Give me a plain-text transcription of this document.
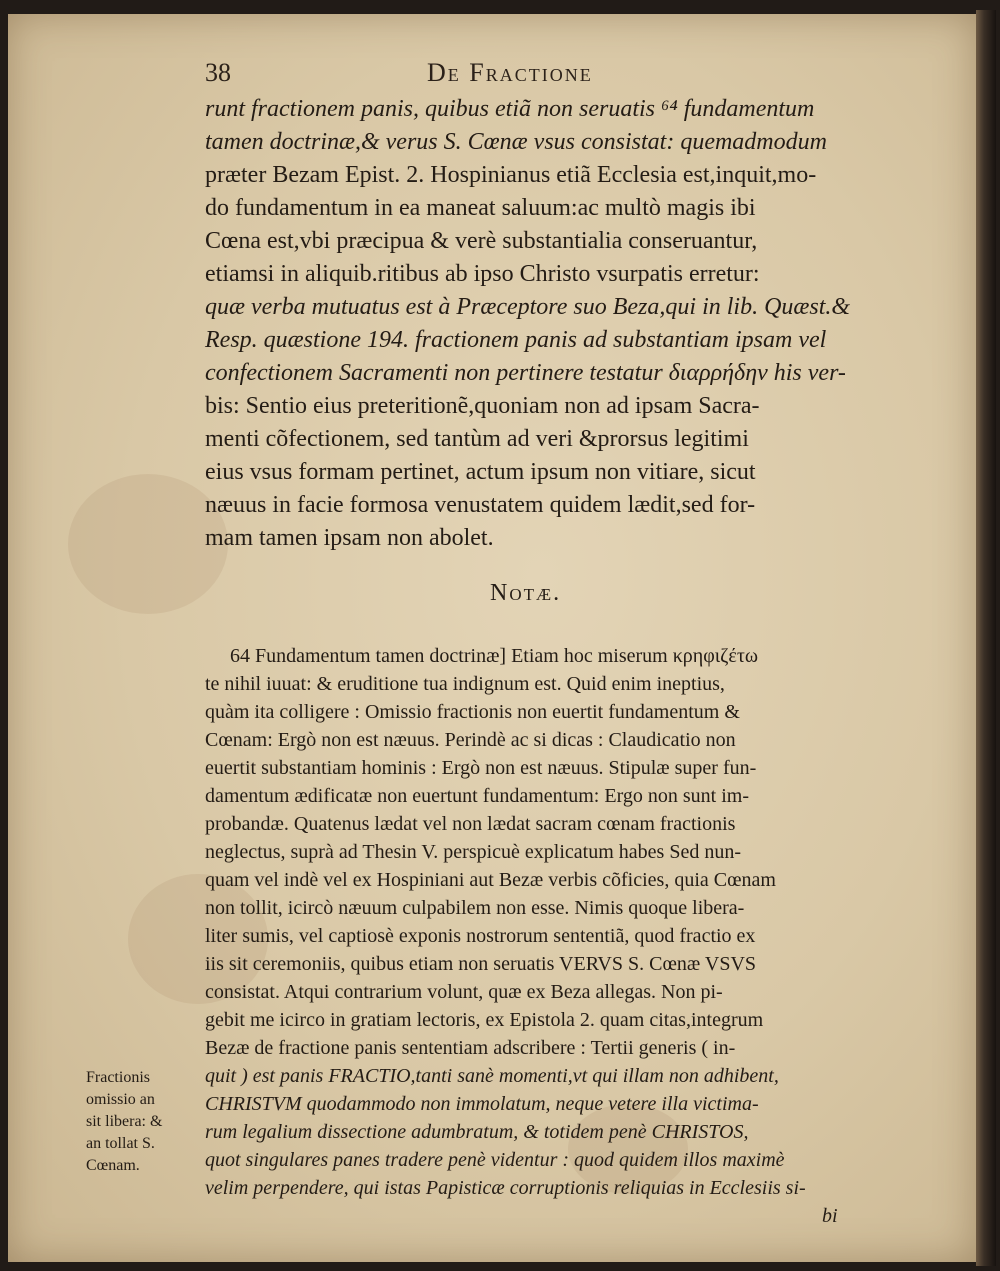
38	De Fractione
runt fractionem panis, quibus etiã non seruatis ⁶⁴ fundamentum
tamen doctrinæ,& verus S. Cœnæ vsus consistat: quemadmodum
præter Bezam Epist. 2. Hospinianus etiã Ecclesia est,inquit,mo-
do fundamentum in ea maneat saluum:ac multò magis ibi
Cœna est,vbi præcipua & verè substantialia conseruantur,
etiamsi in aliquib.ritibus ab ipso Christo vsurpatis erretur:
quæ verba mutuatus est à Præceptore suo Beza,qui in lib. Quæst.&
Resp. quæstione 194. fractionem panis ad substantiam ipsam vel
confectionem Sacramenti non pertinere testatur διαρρήδην his ver-
bis: Sentio eius preteritionẽ,quoniam non ad ipsam Sacra-
menti cõfectionem, sed tantùm ad veri &prorsus legitimi
eius vsus formam pertinet, actum ipsum non vitiare, sicut
næuus in facie formosa venustatem quidem lædit,sed for-
mam tamen ipsam non abolet.
Notæ.
64 Fundamentum tamen doctrinæ] Etiam hoc miserum κρηφιζέτω
te nihil iuuat: & eruditione tua indignum est. Quid enim ineptius,
quàm ita colligere : Omissio fractionis non euertit fundamentum &
Cœnam: Ergò non est næuus. Perindè ac si dicas : Claudicatio non
euertit substantiam hominis : Ergò non est næuus. Stipulæ super fun-
damentum ædificatæ non euertunt fundamentum: Ergo non sunt im-
probandæ. Quatenus lædat vel non lædat sacram cœnam fractionis
neglectus, suprà ad Thesin V. perspicuè explicatum habes Sed nun-
quam vel indè vel ex Hospiniani aut Bezæ verbis cõficies, quia Cœnam
non tollit, icircò næuum culpabilem non esse. Nimis quoque libera-
liter sumis, vel captiosè exponis nostrorum sententiã, quod fractio ex
iis sit ceremoniis, quibus etiam non seruatis VERVS S. Cœnæ VSVS
consistat. Atqui contrarium volunt, quæ ex Beza allegas. Non pi-
gebit me icirco in gratiam lectoris, ex Epistola 2. quam citas,integrum
Bezæ de fractione panis sententiam adscribere : Tertii generis ( in-
quit ) est panis FRACTIO,tanti sanè momenti,vt qui illam non adhibent,
CHRISTVM quodammodo non immolatum, neque vetere illa victima-
rum legalium dissectione adumbratum, & totidem penè CHRISTOS,
quot singulares panes tradere penè videntur : quod quidem illos maximè
velim perpendere, qui istas Papisticæ corruptionis reliquias in Ecclesiis si-
bi
Fractionis
omissio an
sit libera: &
an tollat S.
Cœnam.
